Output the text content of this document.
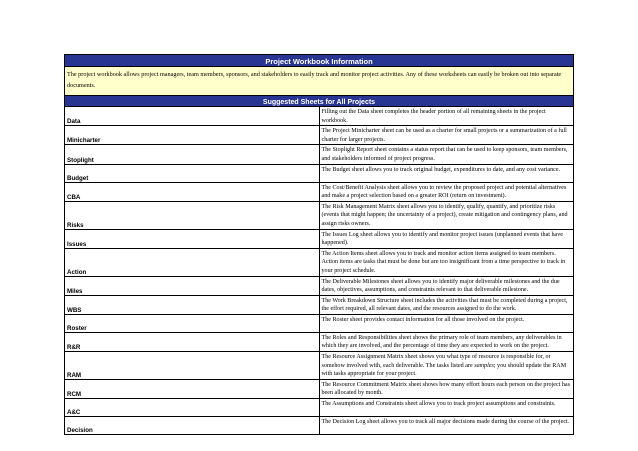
Project Workbook Information	
The project workbook allows project managers, team members, sponsors, and stakeholders to easily track and monitor project activities. Any of these worksheets can easily be broken out into separate documents.	
Suggested Sheets for All Projects	
Data	Filling out the Data sheet completes the header portion of all remaining sheets in the project workbook.
Minicharter	The Project Minicharter sheet can be used as a charter for small projects or a summarization of a full charter for larger projects.
Stoplight	The Stoplight Report sheet contains a status report that can be used to keep sponsors, team members, and stakeholders informed of project progress.
Budget	The Budget sheet allows you to track original budget, expenditures to date, and any cost variance.
CBA	The Cost/Benefit Analysis sheet allows you to review the proposed project and potential alternatives and make a project selection based on a greater ROI (return on investment).
Risks	The Risk Management Matrix sheet allows you to identify, qualify, quantify, and prioritize risks (events that might happen; the uncertainty of a project), create mitigation and contingency plans, and assign risks owners.
Issues	The Issues Log sheet allows you to identify and monitor project issues (unplanned events that have happened).
Action	The Action Items sheet allows you to track and monitor action items assigned to team members. Action items are tasks that must be done but are too insignificant from a time perspective to track in your project schedule.
Miles	The Deliverable Milestones sheet allows you to identify major deliverable milestones and the due dates, objectives, assumptions, and constraints relevant to that deliverable milestone.
WBS	The Work Breakdown Structure sheet includes the activities that must be completed during a project, the effort required, all relevant dates, and the resources assigned to do the work.
Roster	The Roster sheet provides contact information for all those involved on the project.
R&R	The Roles and Responsibilities sheet shows the primary role of team members, any deliverables in which they are involved, and the percentage of time they are expected to work on the project.
RAM	The Resource Assignment Matrix sheet shows you what type of resource is responsible for, or somehow involved with, each deliverable. The tasks listed are samples; you should update the RAM with tasks appropriate for your project.
RCM	The Resource Commitment Matrix sheet shows how many effort hours each person on the project has been allocated by month.
A&C	The Assumptions and Constraints sheet allows you to track project assumptions and constraints.
Decision	The Decision Log sheet allows you to track all major decisions made during the course of the project.
